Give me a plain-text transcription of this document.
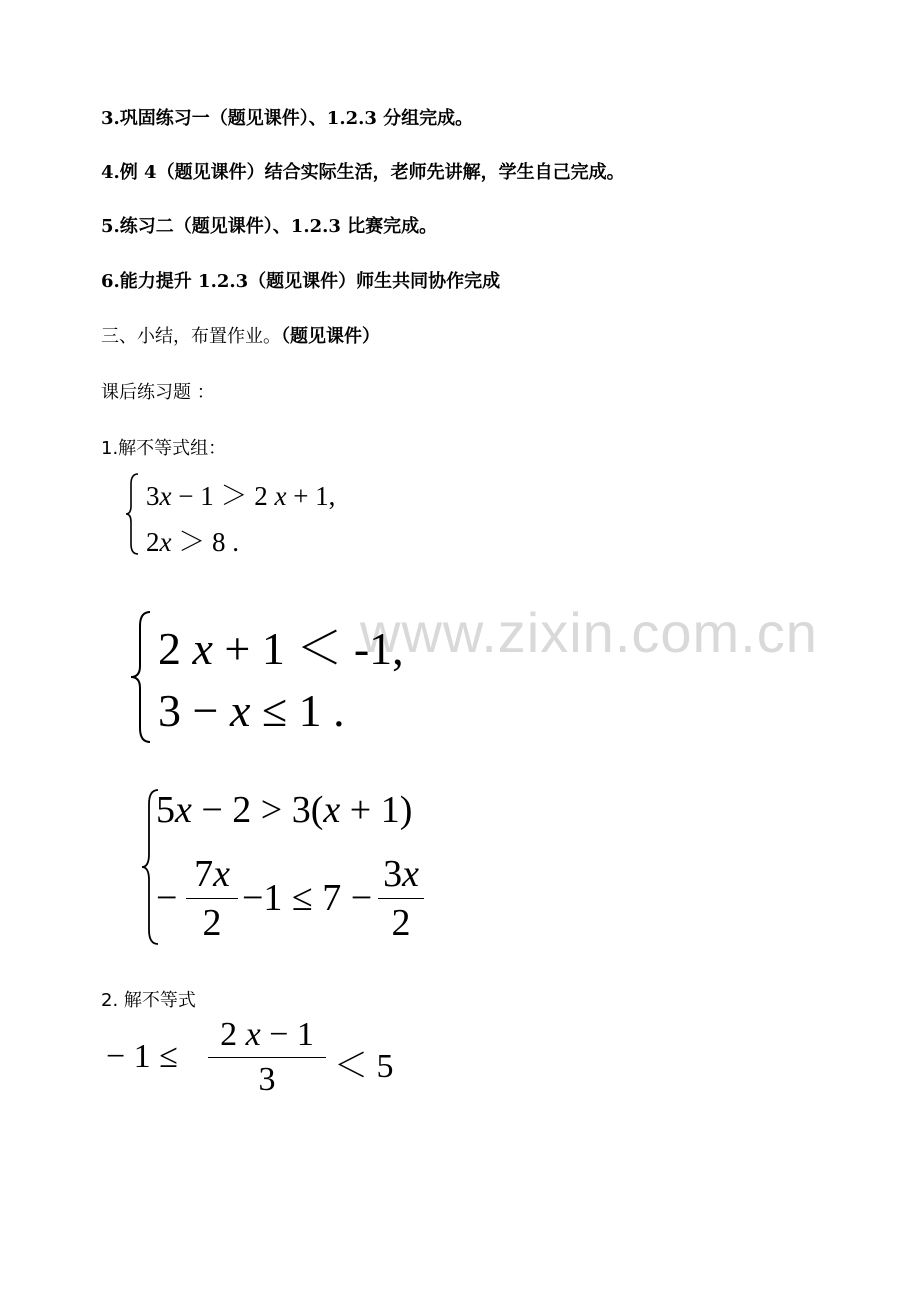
www.zixin.com.cn
3.巩固练习一（题见课件）、1.2.3 分组完成。
4.例 4（题见课件）结合实际生活，老师先讲解，学生自己完成。
5.练习二（题见课件）、1.2.3 比赛完成。
6.能力提升 1.2.3（题见课件）师生共同协作完成
三、小结，布置作业。（题见课件）
课后练习题 ：
1.解不等式组：
3x − 1 ＞ 2 x + 1,
2x ＞ 8 .
2 x + 1 ＜ -1,
3 − x ≤ 1 .
5x − 2 > 3(x + 1)
−
7x
2
−1 ≤ 7 −
3x
2
2. 解不等式
− 1 ≤
2 x − 1
3	＜ 5
